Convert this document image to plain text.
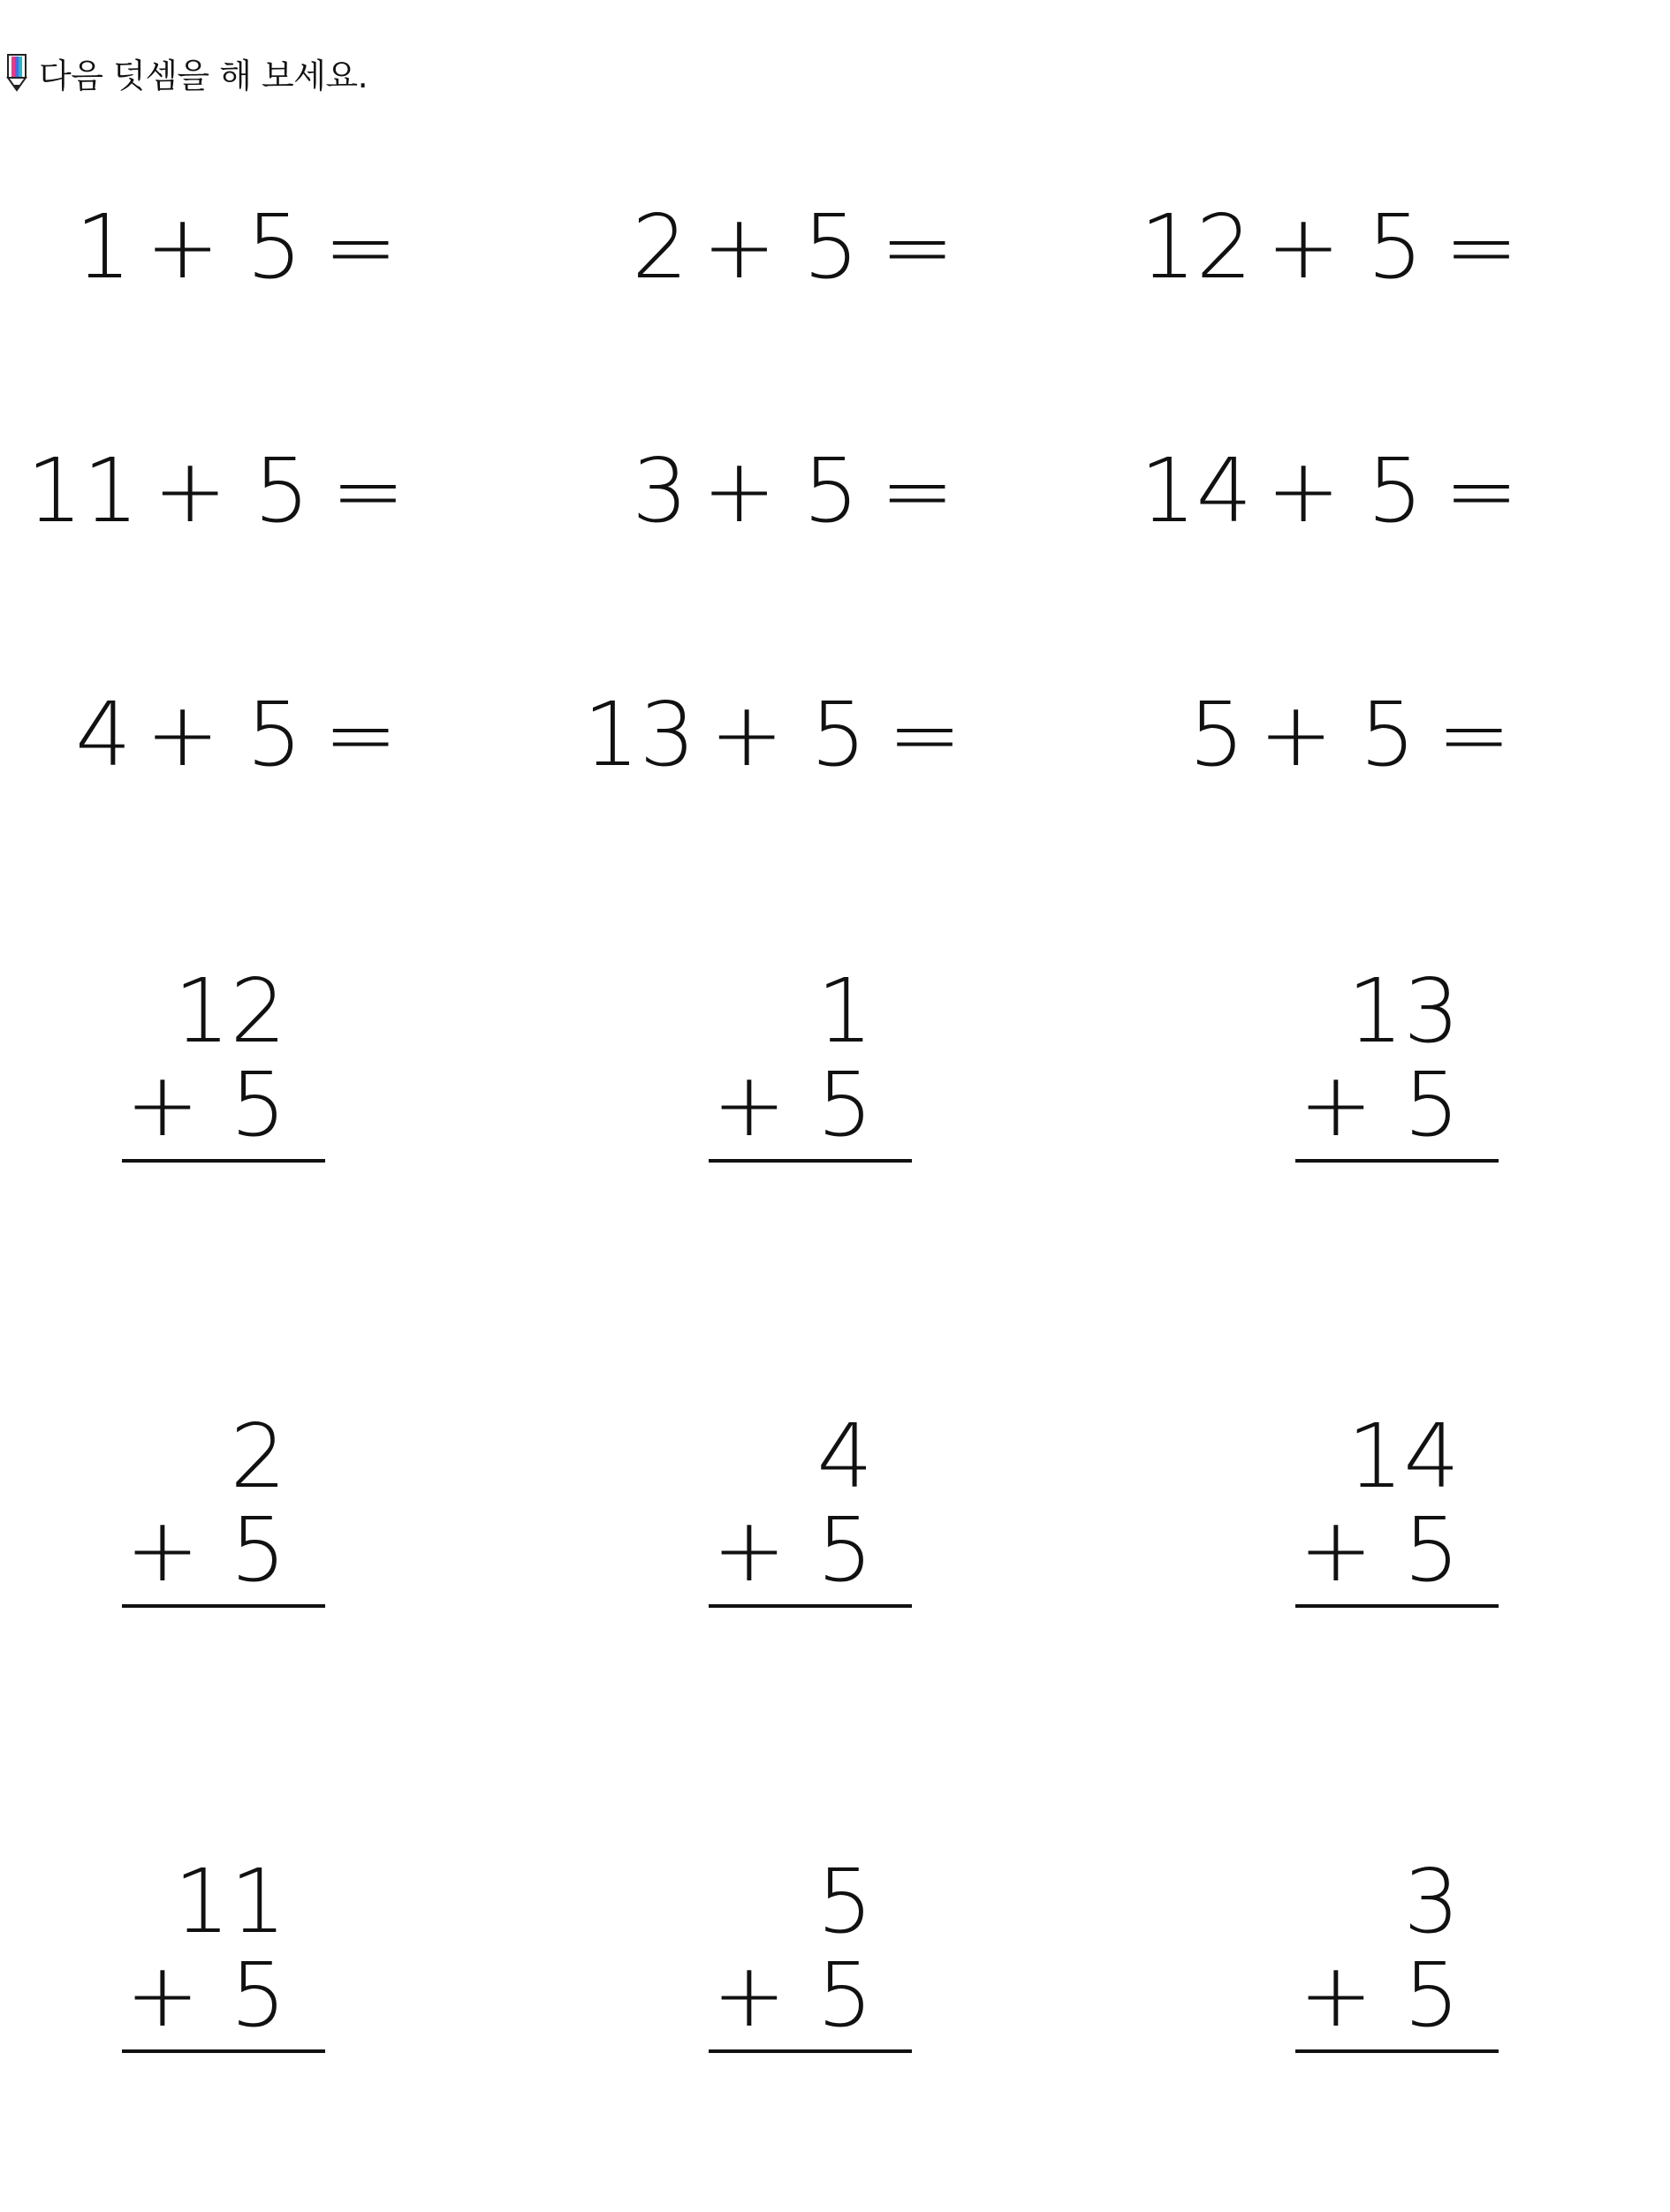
다음 덧셈을 해 보세요.
1 + 5 =	2 + 5 = 12 + 5 =
11 + 5 =	3 + 5 = 14 + 5 =
4 + 5 = 13 + 5 =	5 + 5 =
12
+ 5
1
+ 5
13
+ 5
2
+ 5
4
+ 5
14
+ 5
11
+ 5
5
+ 5
3
+ 5
